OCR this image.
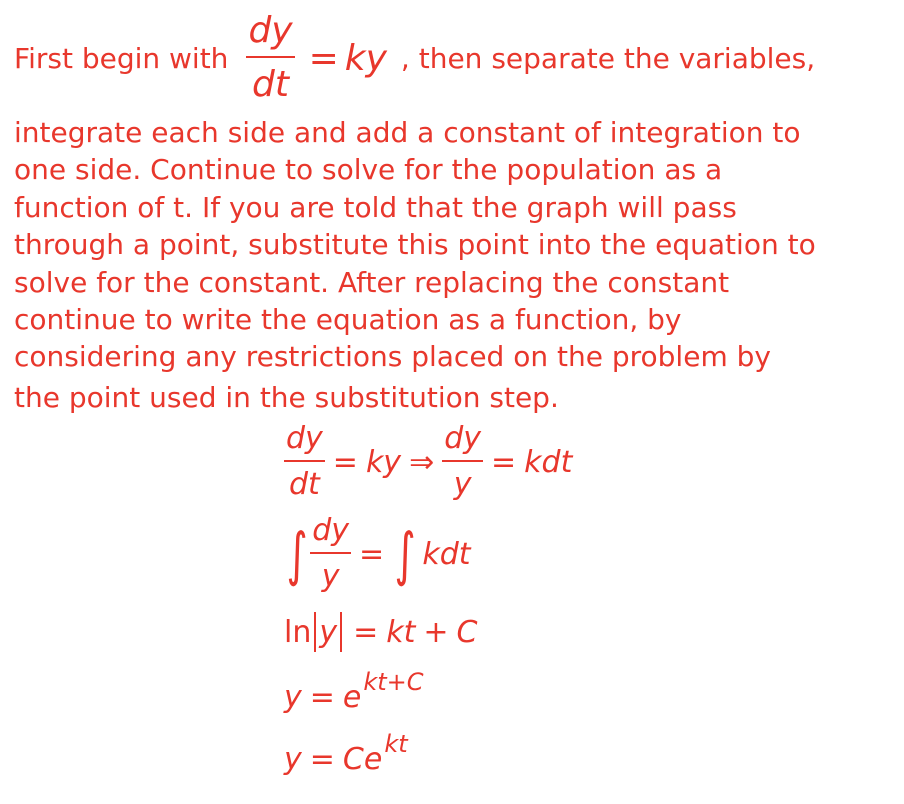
First begin with $\frac{dy}{dt}$ = ky , then separate the variables,
integrate each side and add a constant of integration to
one side. Continue to solve for the population as a
function of t. If you are told that the graph will pass
through a point, substitute this point into the equation to
solve for the constant. After replacing the constant
continue to write the equation as a function, by
considering any restrictions placed on the problem by
the point used in the substitution step.
$\frac{dy}{dt}$ = ky ⇒ $\frac{dy}{y}$ = kdt
∫ $\frac{dy}{y}$ = ∫ kdt
ln y = kt + C
y = e kt+C
y = Ce kt
